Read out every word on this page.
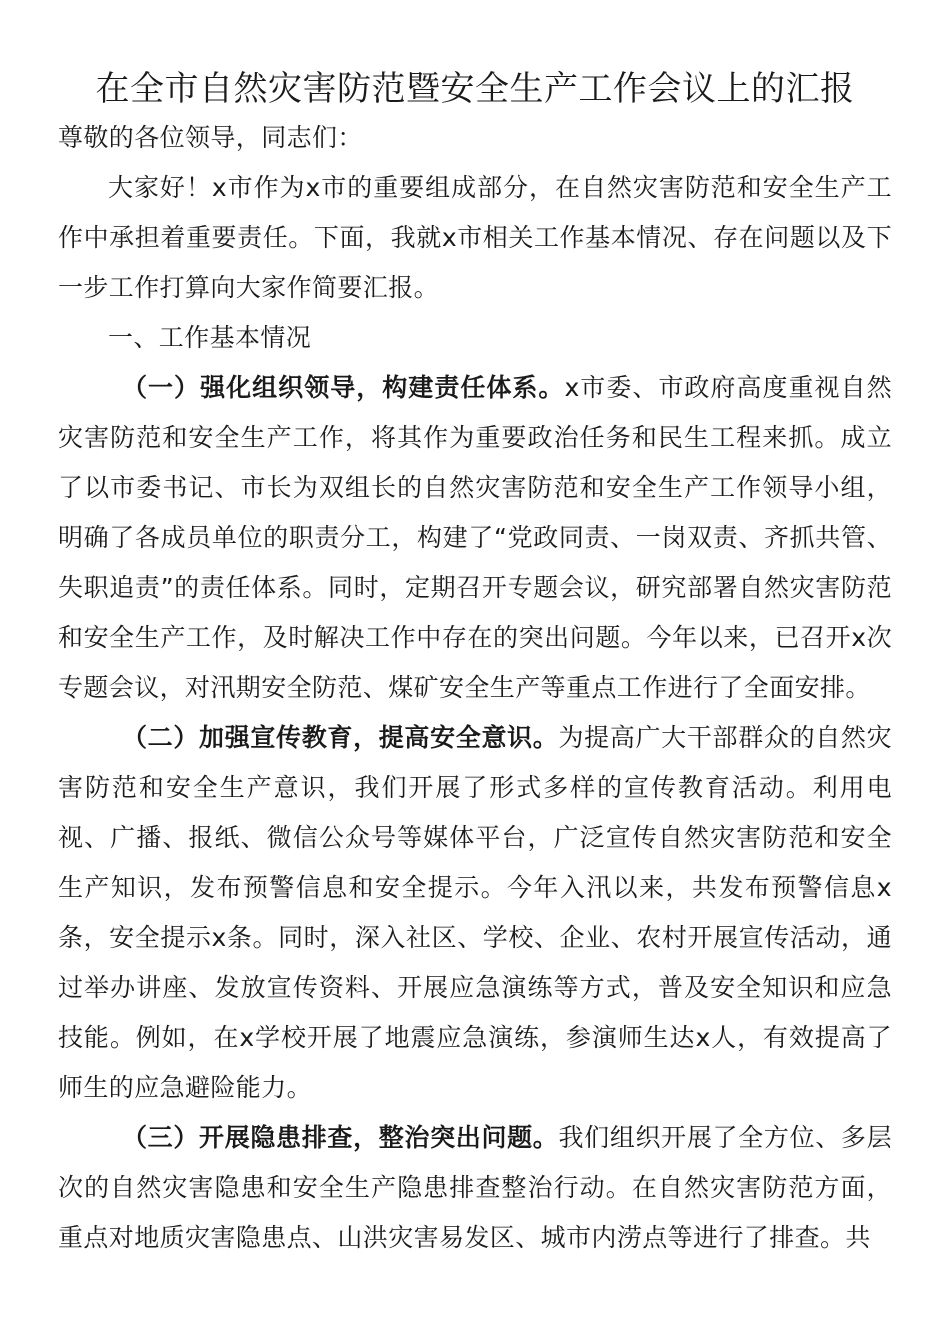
在全市自然灾害防范暨安全生产工作会议上的汇报

尊敬的各位领导，同志们：

大家好！x市作为x市的重要组成部分，在自然灾害防范和安全生产工作中承担着重要责任。下面，我就x市相关工作基本情况、存在问题以及下一步工作打算向大家作简要汇报。

一、工作基本情况

（一）强化组织领导，构建责任体系。x市委、市政府高度重视自然灾害防范和安全生产工作，将其作为重要政治任务和民生工程来抓。成立了以市委书记、市长为双组长的自然灾害防范和安全生产工作领导小组，明确了各成员单位的职责分工，构建了“党政同责、一岗双责、齐抓共管、失职追责”的责任体系。同时，定期召开专题会议，研究部署自然灾害防范和安全生产工作，及时解决工作中存在的突出问题。今年以来，已召开x次专题会议，对汛期安全防范、煤矿安全生产等重点工作进行了全面安排。

（二）加强宣传教育，提高安全意识。为提高广大干部群众的自然灾害防范和安全生产意识，我们开展了形式多样的宣传教育活动。利用电视、广播、报纸、微信公众号等媒体平台，广泛宣传自然灾害防范和安全生产知识，发布预警信息和安全提示。今年入汛以来，共发布预警信息x条，安全提示x条。同时，深入社区、学校、企业、农村开展宣传活动，通过举办讲座、发放宣传资料、开展应急演练等方式，普及安全知识和应急技能。例如，在x学校开展了地震应急演练，参演师生达x人，有效提高了师生的应急避险能力。

（三）开展隐患排查，整治突出问题。我们组织开展了全方位、多层次的自然灾害隐患和安全生产隐患排查整治行动。在自然灾害防范方面，重点对地质灾害隐患点、山洪灾害易发区、城市内涝点等进行了排查。共
